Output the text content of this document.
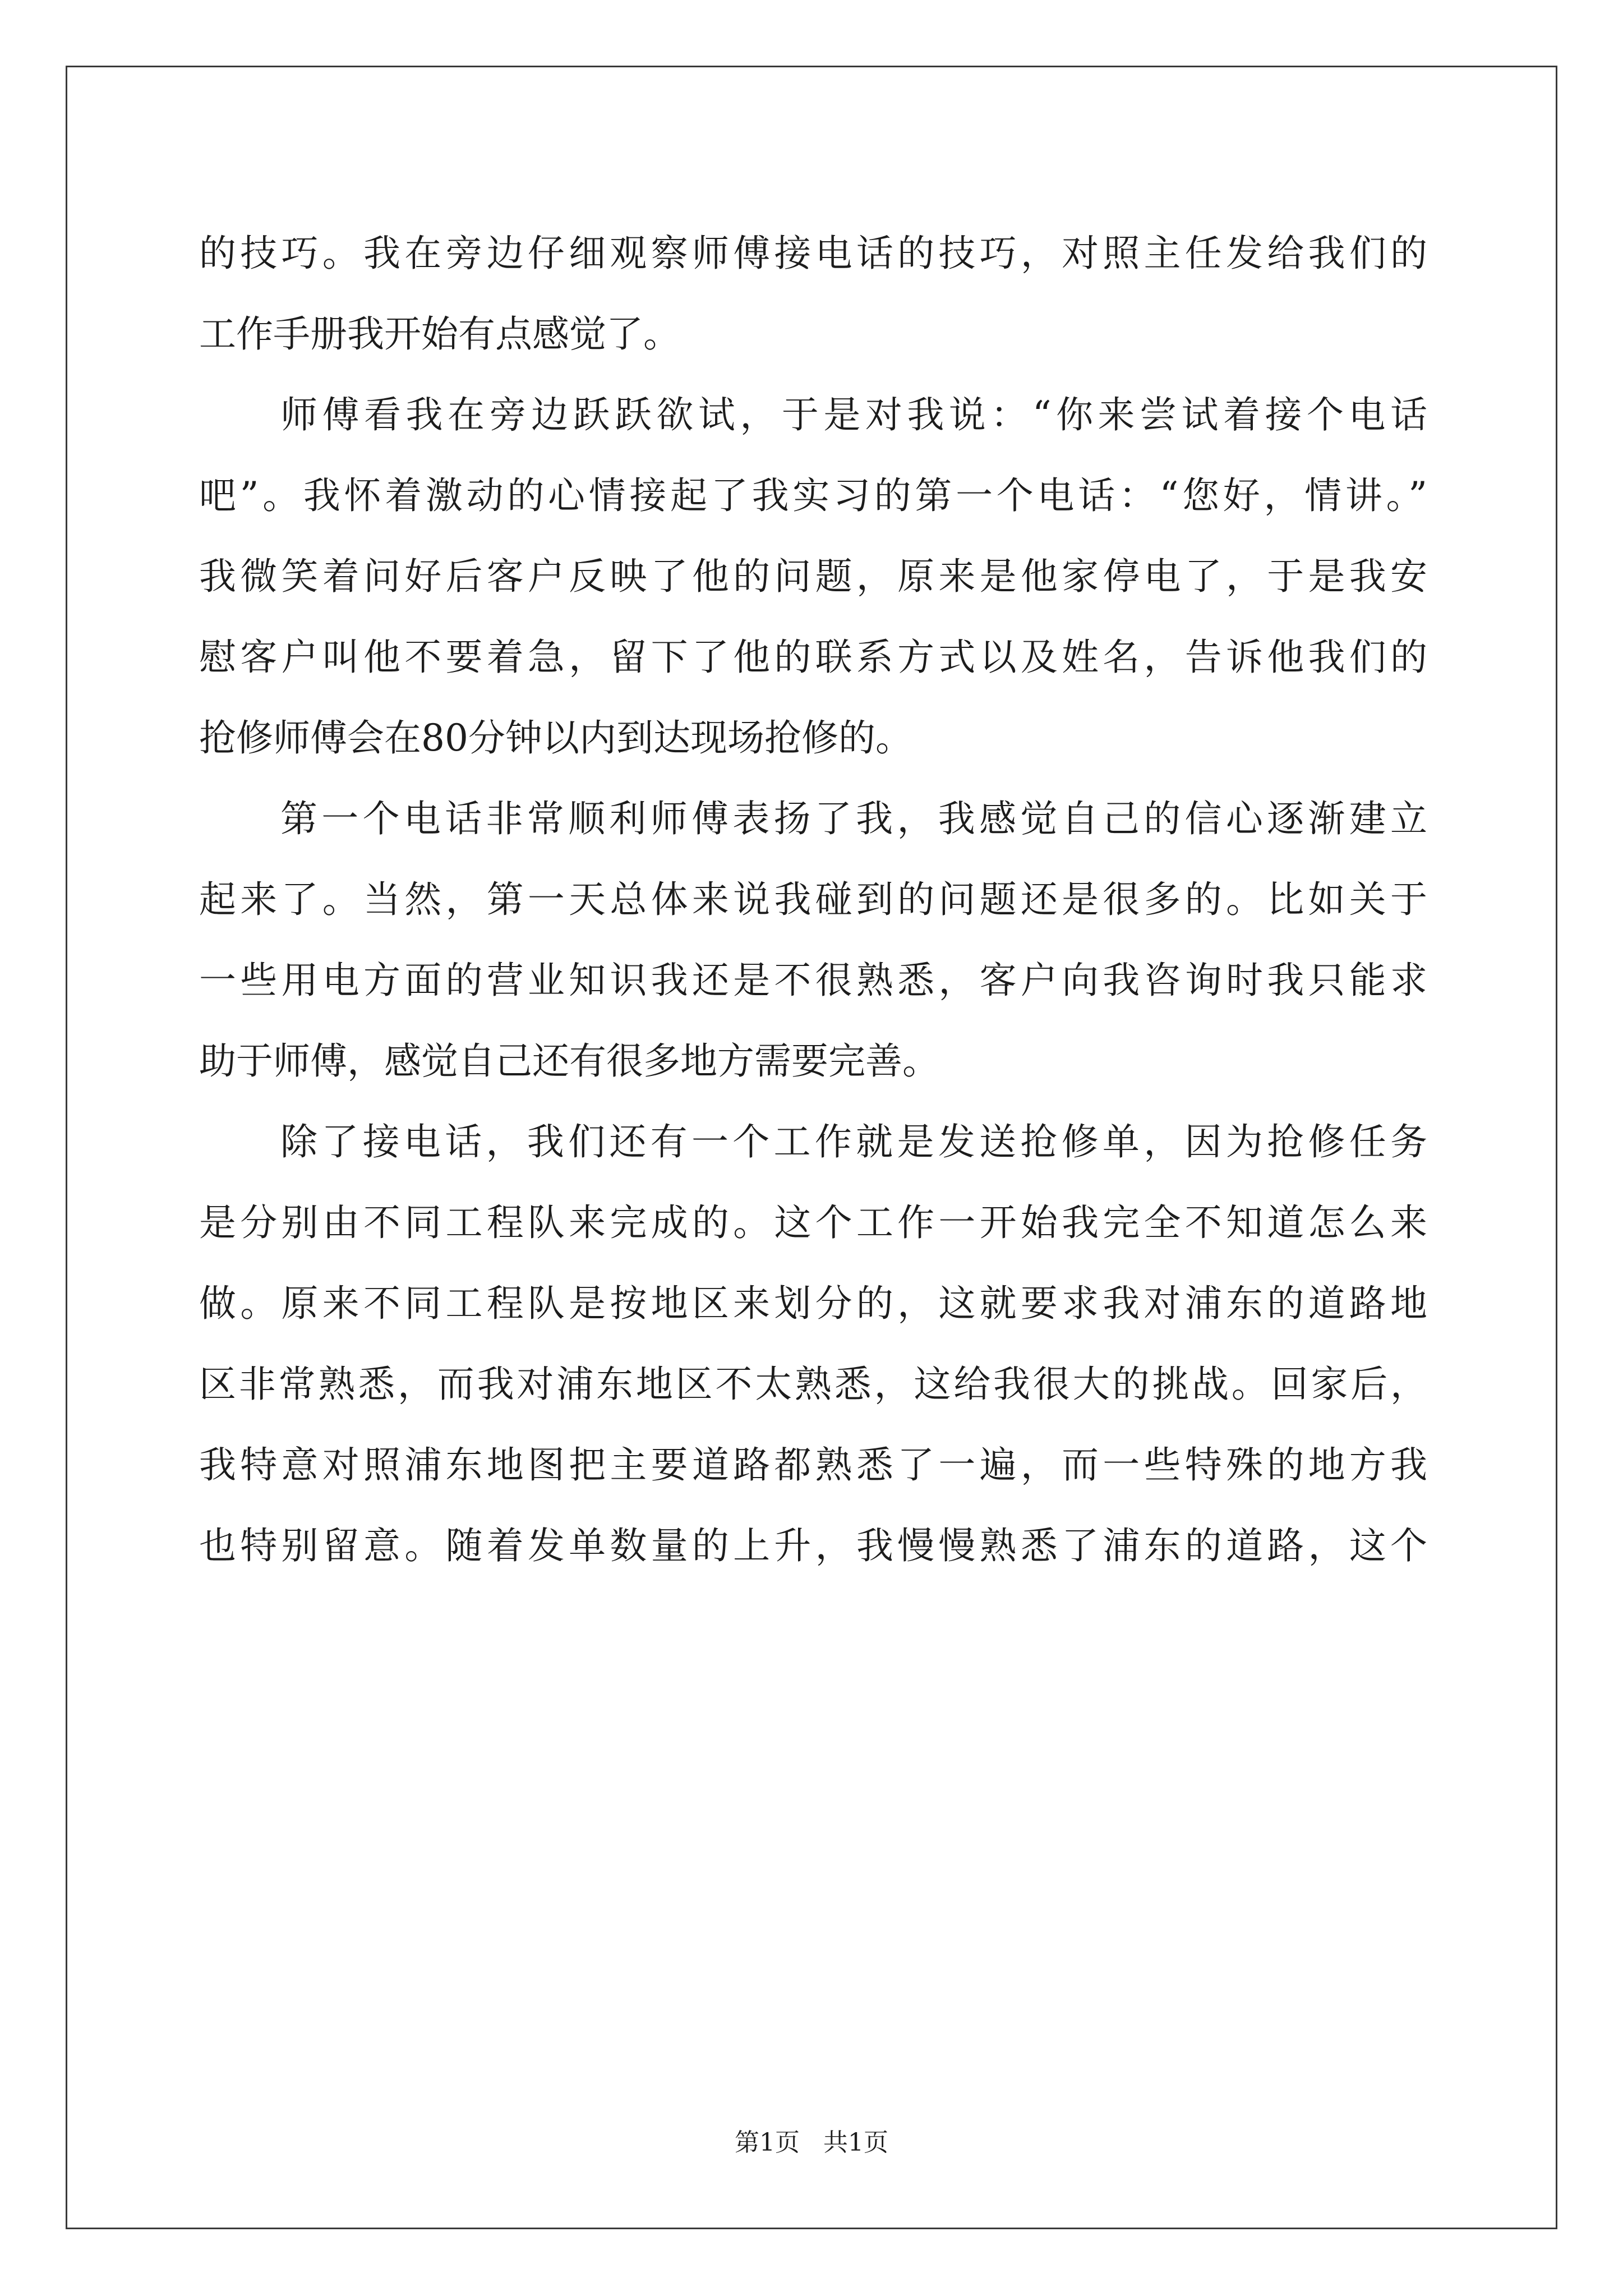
的技巧。我在旁边仔细观察师傅接电话的技巧，对照主任发给我们的
工作手册我开始有点感觉了。
师傅看我在旁边跃跃欲试，于是对我说：“你来尝试着接个电话
吧”。我怀着激动的心情接起了我实习的第一个电话：“您好，情讲。”
我微笑着问好后客户反映了他的问题，原来是他家停电了，于是我安
慰客户叫他不要着急，留下了他的联系方式以及姓名，告诉他我们的
抢修师傅会在80分钟以内到达现场抢修的。
第一个电话非常顺利师傅表扬了我，我感觉自己的信心逐渐建立
起来了。当然，第一天总体来说我碰到的问题还是很多的。比如关于
一些用电方面的营业知识我还是不很熟悉，客户向我咨询时我只能求
助于师傅，感觉自己还有很多地方需要完善。
除了接电话，我们还有一个工作就是发送抢修单，因为抢修任务
是分别由不同工程队来完成的。这个工作一开始我完全不知道怎么来
做。原来不同工程队是按地区来划分的，这就要求我对浦东的道路地
区非常熟悉，而我对浦东地区不太熟悉，这给我很大的挑战。回家后，
我特意对照浦东地图把主要道路都熟悉了一遍，而一些特殊的地方我
也特别留意。随着发单数量的上升，我慢慢熟悉了浦东的道路，这个
第1页   共1页
